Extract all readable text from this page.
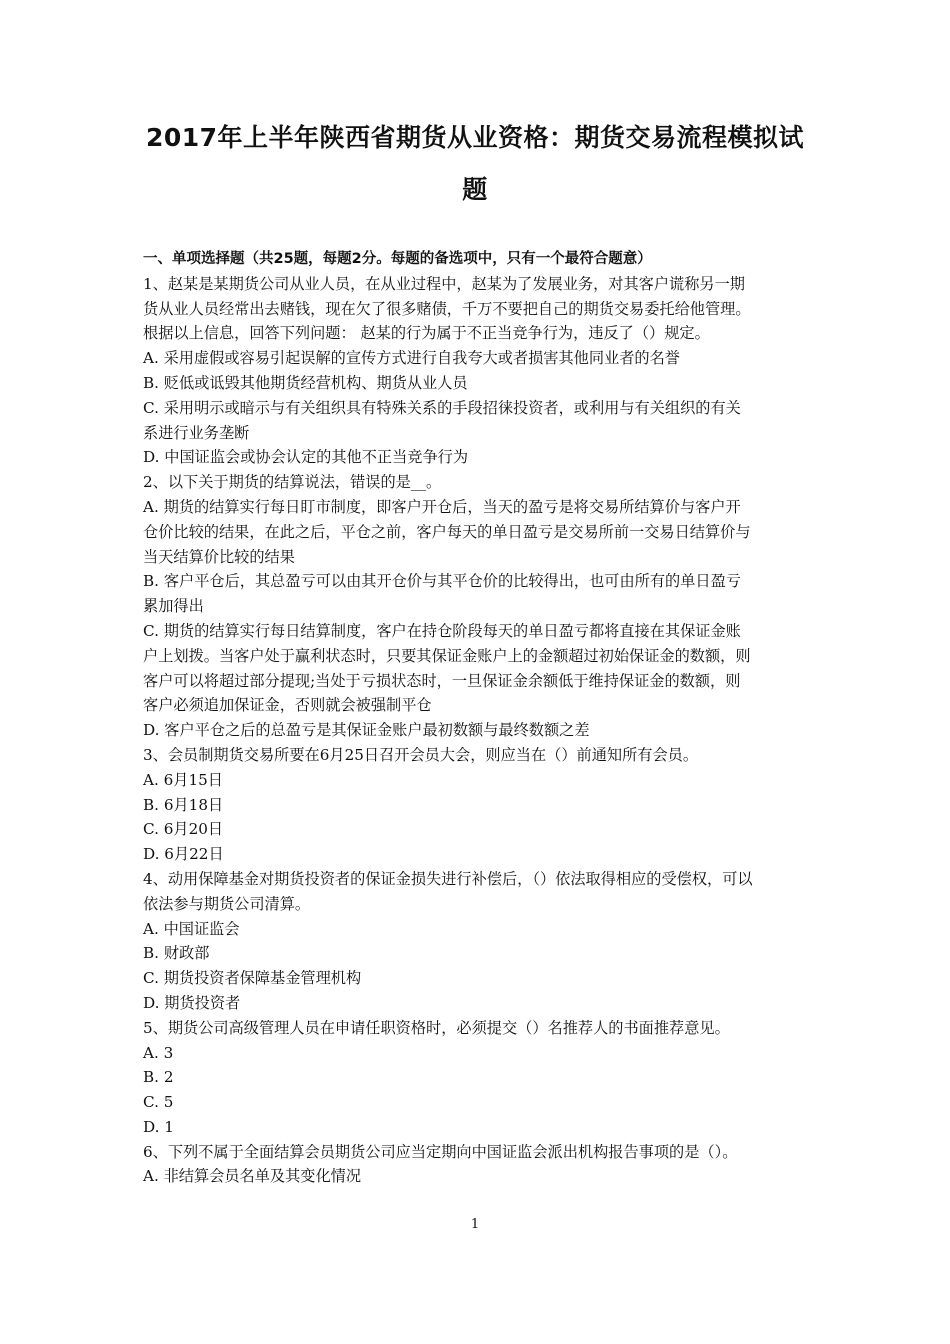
2017年上半年陕西省期货从业资格：期货交易流程模拟试
题
一、单项选择题（共25题，每题2分。每题的备选项中，只有一个最符合题意）
1、赵某是某期货公司从业人员，在从业过程中，赵某为了发展业务，对其客户谎称另一期
货从业人员经常出去赌钱，现在欠了很多赌债，千万不要把自己的期货交易委托给他管理。
根据以上信息，回答下列问题： 赵某的行为属于不正当竞争行为，违反了（）规定。
A. 采用虚假或容易引起误解的宣传方式进行自我夸大或者损害其他同业者的名誉
B. 贬低或诋毁其他期货经营机构、期货从业人员
C. 采用明示或暗示与有关组织具有特殊关系的手段招徕投资者，或利用与有关组织的有关
系进行业务垄断
D. 中国证监会或协会认定的其他不正当竞争行为
2、以下关于期货的结算说法，错误的是__。
A. 期货的结算实行每日盯市制度，即客户开仓后，当天的盈亏是将交易所结算价与客户开
仓价比较的结果，在此之后，平仓之前，客户每天的单日盈亏是交易所前一交易日结算价与
当天结算价比较的结果
B. 客户平仓后，其总盈亏可以由其开仓价与其平仓价的比较得出，也可由所有的单日盈亏
累加得出
C. 期货的结算实行每日结算制度，客户在持仓阶段每天的单日盈亏都将直接在其保证金账
户上划拨。当客户处于赢利状态时，只要其保证金账户上的金额超过初始保证金的数额，则
客户可以将超过部分提现;当处于亏损状态时，一旦保证金余额低于维持保证金的数额，则
客户必须追加保证金，否则就会被强制平仓
D. 客户平仓之后的总盈亏是其保证金账户最初数额与最终数额之差
3、会员制期货交易所要在6月25日召开会员大会，则应当在（）前通知所有会员。
A. 6月15日
B. 6月18日
C. 6月20日
D. 6月22日
4、动用保障基金对期货投资者的保证金损失进行补偿后，（）依法取得相应的受偿权，可以
依法参与期货公司清算。
A. 中国证监会
B. 财政部
C. 期货投资者保障基金管理机构
D. 期货投资者
5、期货公司高级管理人员在申请任职资格时，必须提交（）名推荐人的书面推荐意见。
A. 3
B. 2
C. 5
D. 1
6、下列不属于全面结算会员期货公司应当定期向中国证监会派出机构报告事项的是（）。
A. 非结算会员名单及其变化情况
1
